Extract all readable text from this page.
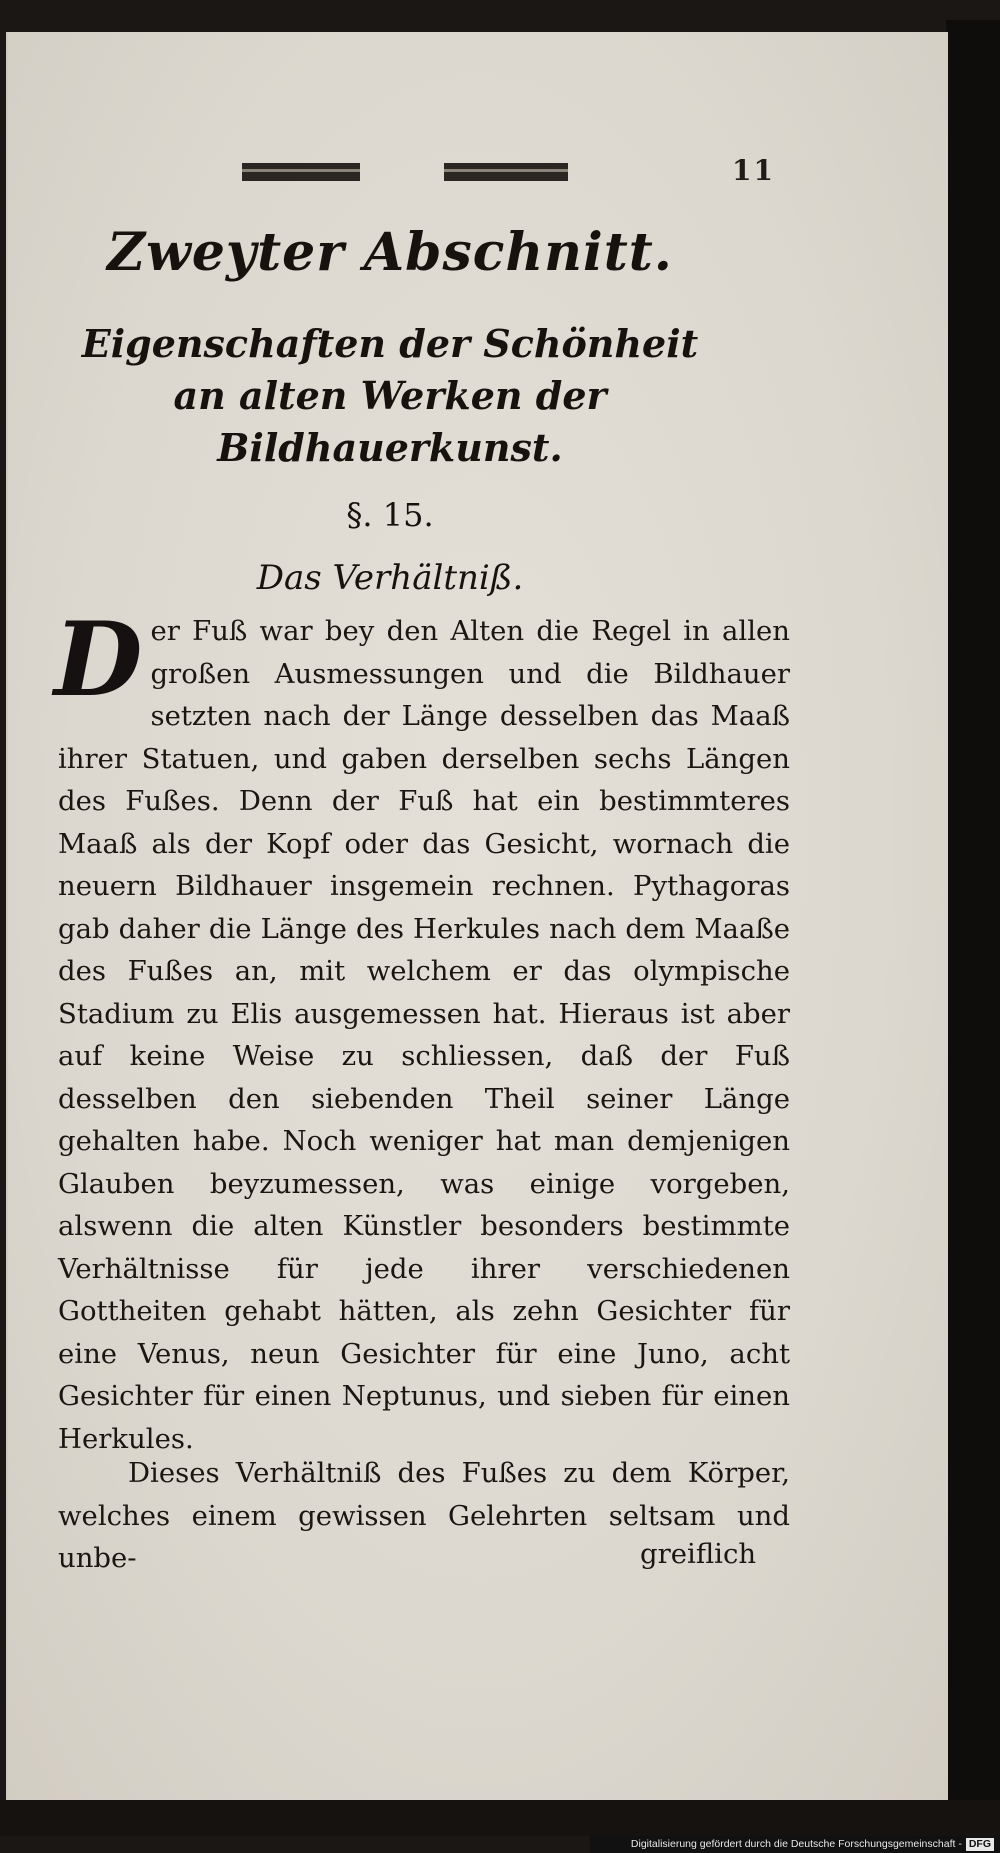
11
Zweyter Abschnitt.
Eigenschaften der Schönheit an alten Werken der Bildhauerkunst.
§. 15.
Das Verhältniß.
Der Fuß war bey den Alten die Regel in allen großen Ausmessungen und die Bildhauer setzten nach der Länge desselben das Maaß ihrer Statuen, und gaben derselben sechs Längen des Fußes. Denn der Fuß hat ein bestimmteres Maaß als der Kopf oder das Gesicht, wornach die neuern Bildhauer insgemein rechnen. Pythagoras gab daher die Länge des Herkules nach dem Maaße des Fußes an, mit welchem er das olympische Stadium zu Elis ausgemessen hat. Hieraus ist aber auf keine Weise zu schliessen, daß der Fuß desselben den siebenden Theil seiner Länge gehalten habe. Noch weniger hat man demjenigen Glauben beyzumessen, was einige vorgeben, alswenn die alten Künstler besonders bestimmte Verhältnisse für jede ihrer verschiedenen Gottheiten gehabt hätten, als zehn Gesichter für eine Venus, neun Gesichter für eine Juno, acht Gesichter für einen Neptunus, und sieben für einen Herkules.
Dieses Verhältniß des Fußes zu dem Körper, welches einem gewissen Gelehrten seltsam und unbe-	greiflich
Digitalisierung gefördert durch die Deutsche Forschungsgemeinschaft - DFG
